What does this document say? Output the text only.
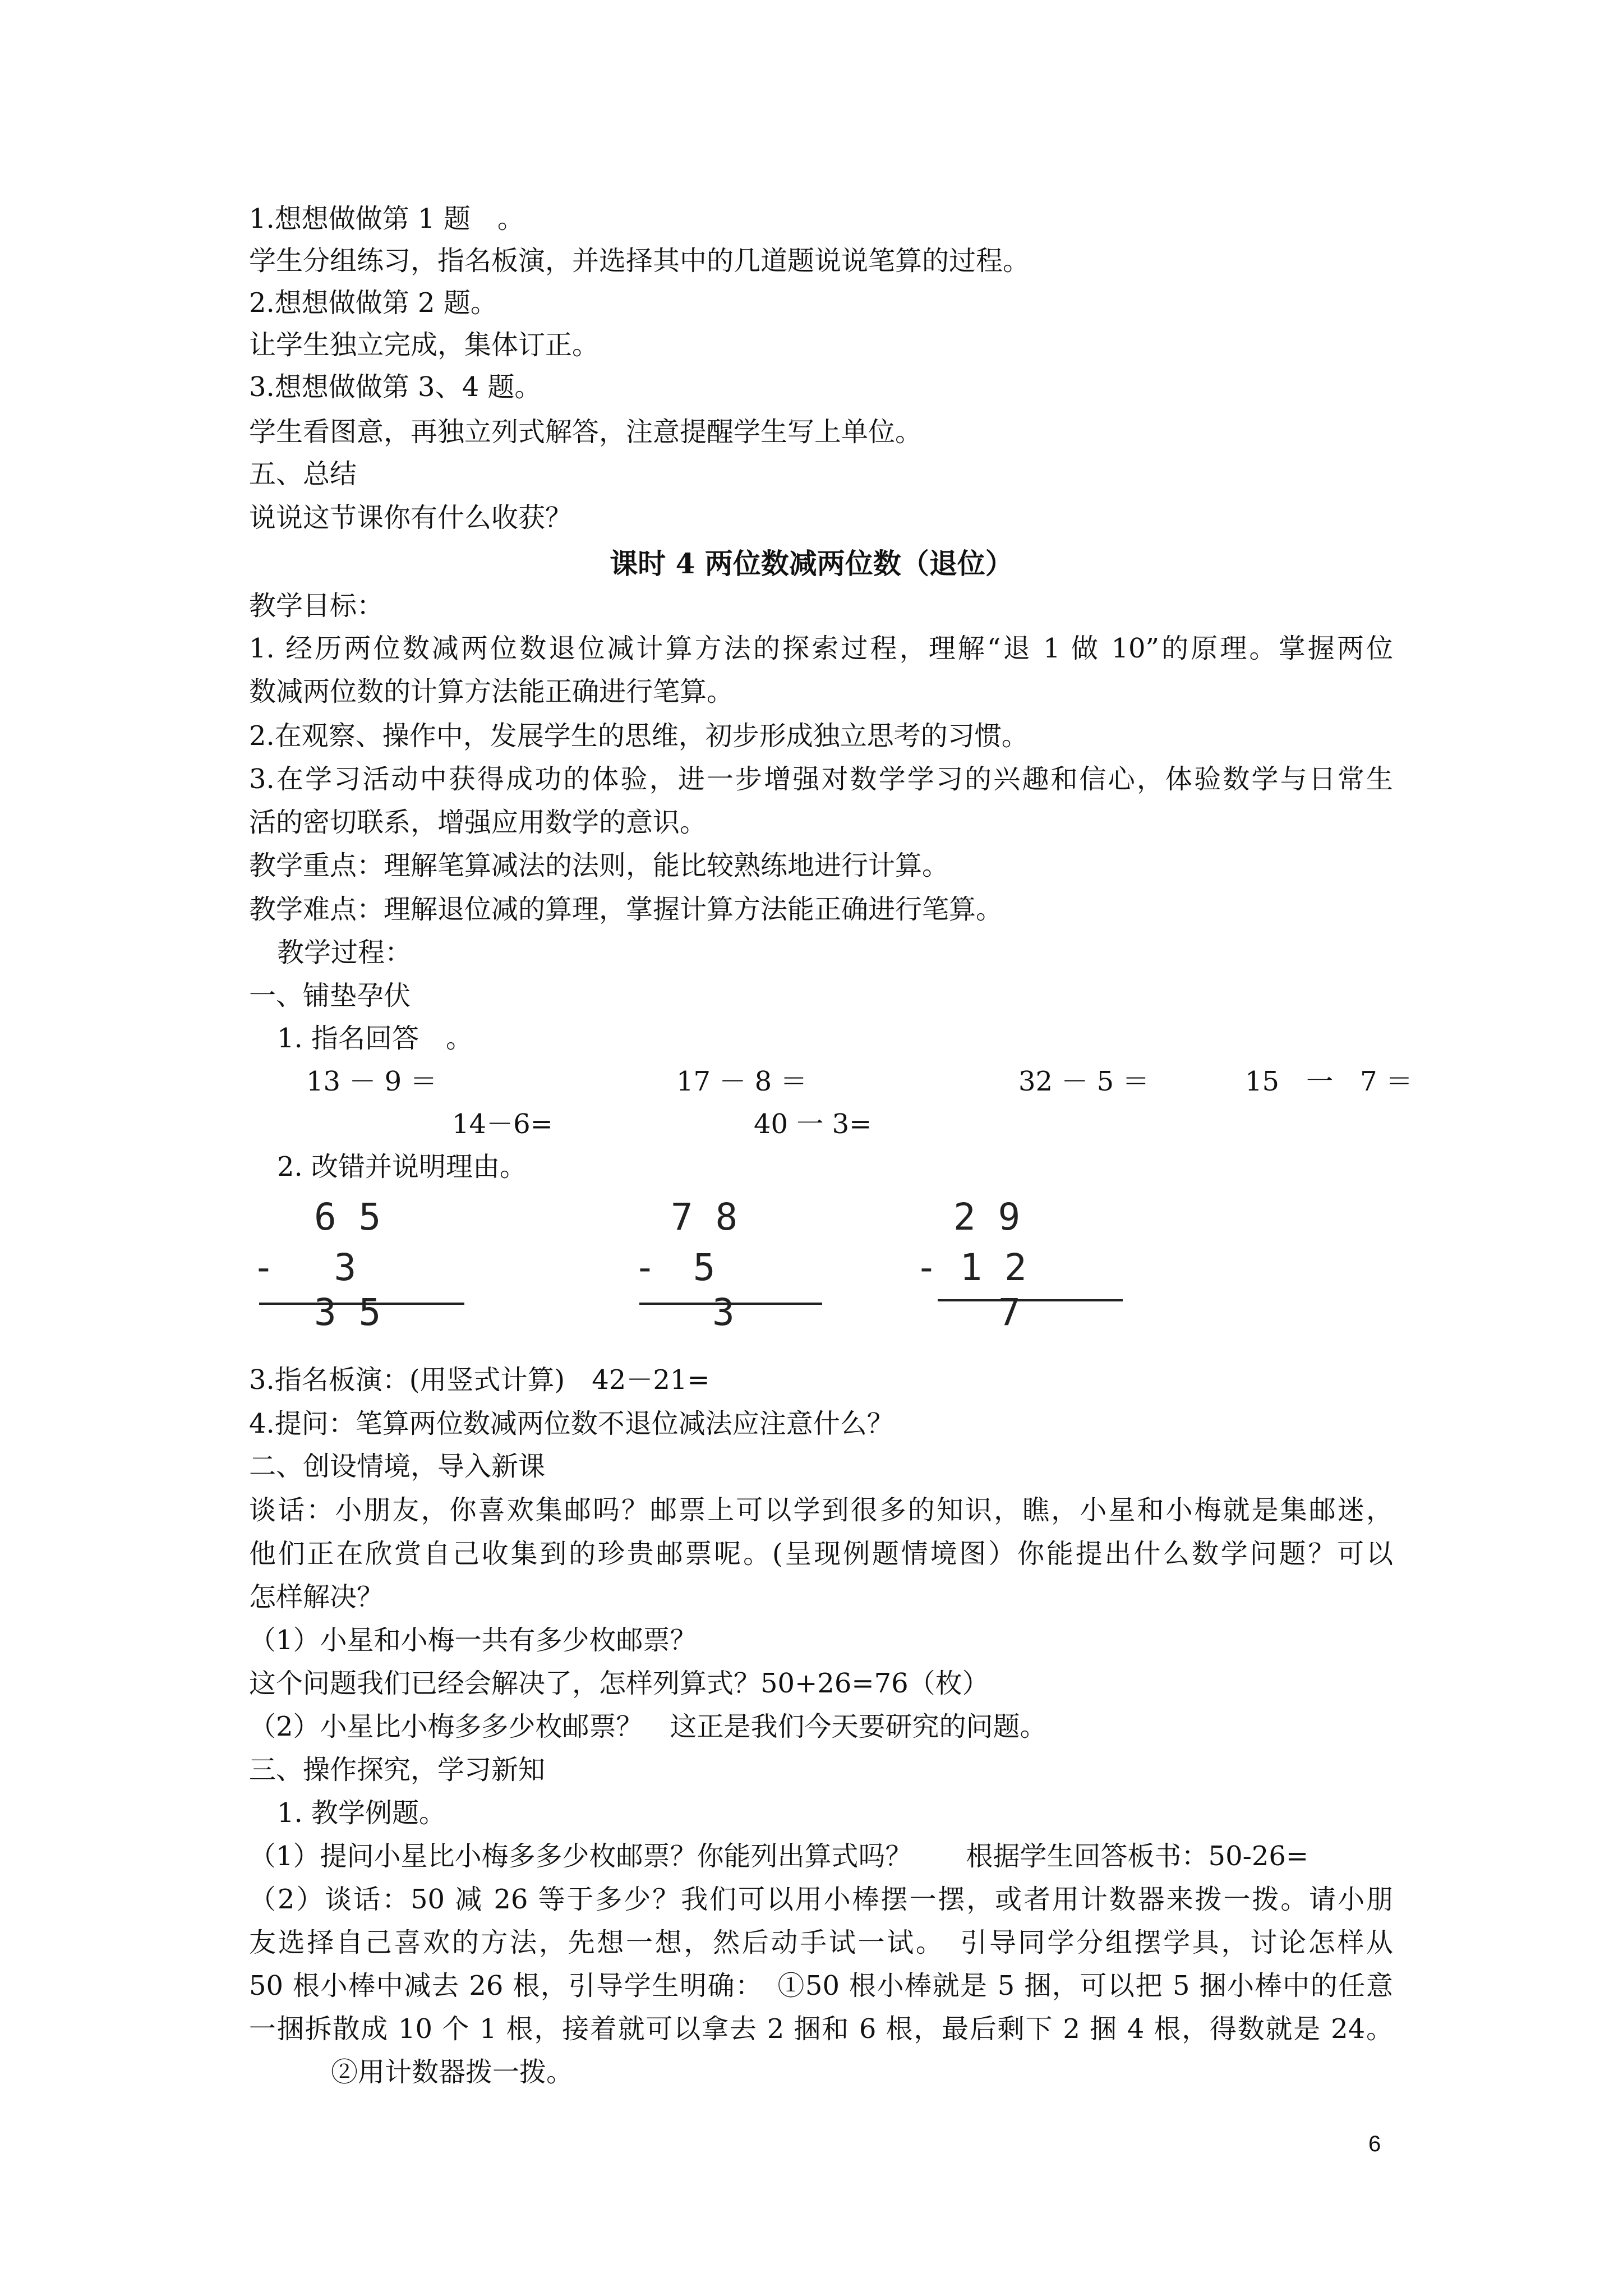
1.想想做做第 1 题　。
学生分组练习，指名板演，并选择其中的几道题说说笔算的过程。
2.想想做做第 2 题。
让学生独立完成，集体订正。
3.想想做做第 3、4 题。
学生看图意，再独立列式解答，注意提醒学生写上单位。
五、总结
说说这节课你有什么收获？
课时 4 两位数减两位数（退位）
教学目标：
1. 经历两位数减两位数退位减计算方法的探索过程，理解“退 1 做 10”的原理。掌握两位
数减两位数的计算方法能正确进行笔算。
2.在观察、操作中，发展学生的思维，初步形成独立思考的习惯。
3.在学习活动中获得成功的体验，进一步增强对数学学习的兴趣和信心，体验数学与日常生
活的密切联系，增强应用数学的意识。
教学重点：理解笔算减法的法则，能比较熟练地进行计算。
教学难点：理解退位减的算理，掌握计算方法能正确进行笔算。
教学过程：
一、铺垫孕伏
1. 指名回答　。
13 － 9 ＝	17 － 8 ＝	32 － 5 ＝	15　一　7 ＝
14－6=	40 一 3=
2. 改错并说明理由。
6 5
-　 3
3 5
7 8
-　5
3
2 9
- 1 2
7
3.指名板演：(用竖式计算)　42－21=
4.提问：笔算两位数减两位数不退位减法应注意什么？
二、创设情境，导入新课
谈话：小朋友，你喜欢集邮吗？邮票上可以学到很多的知识，瞧，小星和小梅就是集邮迷，
他们正在欣赏自己收集到的珍贵邮票呢。(呈现例题情境图）你能提出什么数学问题？可以
怎样解决？
（1）小星和小梅一共有多少枚邮票？
这个问题我们已经会解决了，怎样列算式？50+26=76（枚）
（2）小星比小梅多多少枚邮票？　这正是我们今天要研究的问题。
三、操作探究，学习新知
1. 教学例题。
（1）提问小星比小梅多多少枚邮票？你能列出算式吗？　　根据学生回答板书：50-26=
（2）谈话：50 减 26 等于多少？我们可以用小棒摆一摆，或者用计数器来拨一拨。请小朋
友选择自己喜欢的方法，先想一想，然后动手试一试。　引导同学分组摆学具，讨论怎样从
50 根小棒中减去 26 根，引导学生明确：　①50 根小棒就是 5 捆，可以把 5 捆小棒中的任意
一捆拆散成 10 个 1 根，接着就可以拿去 2 捆和 6 根，最后剩下 2 捆 4 根，得数就是 24。
②用计数器拨一拨。
6
